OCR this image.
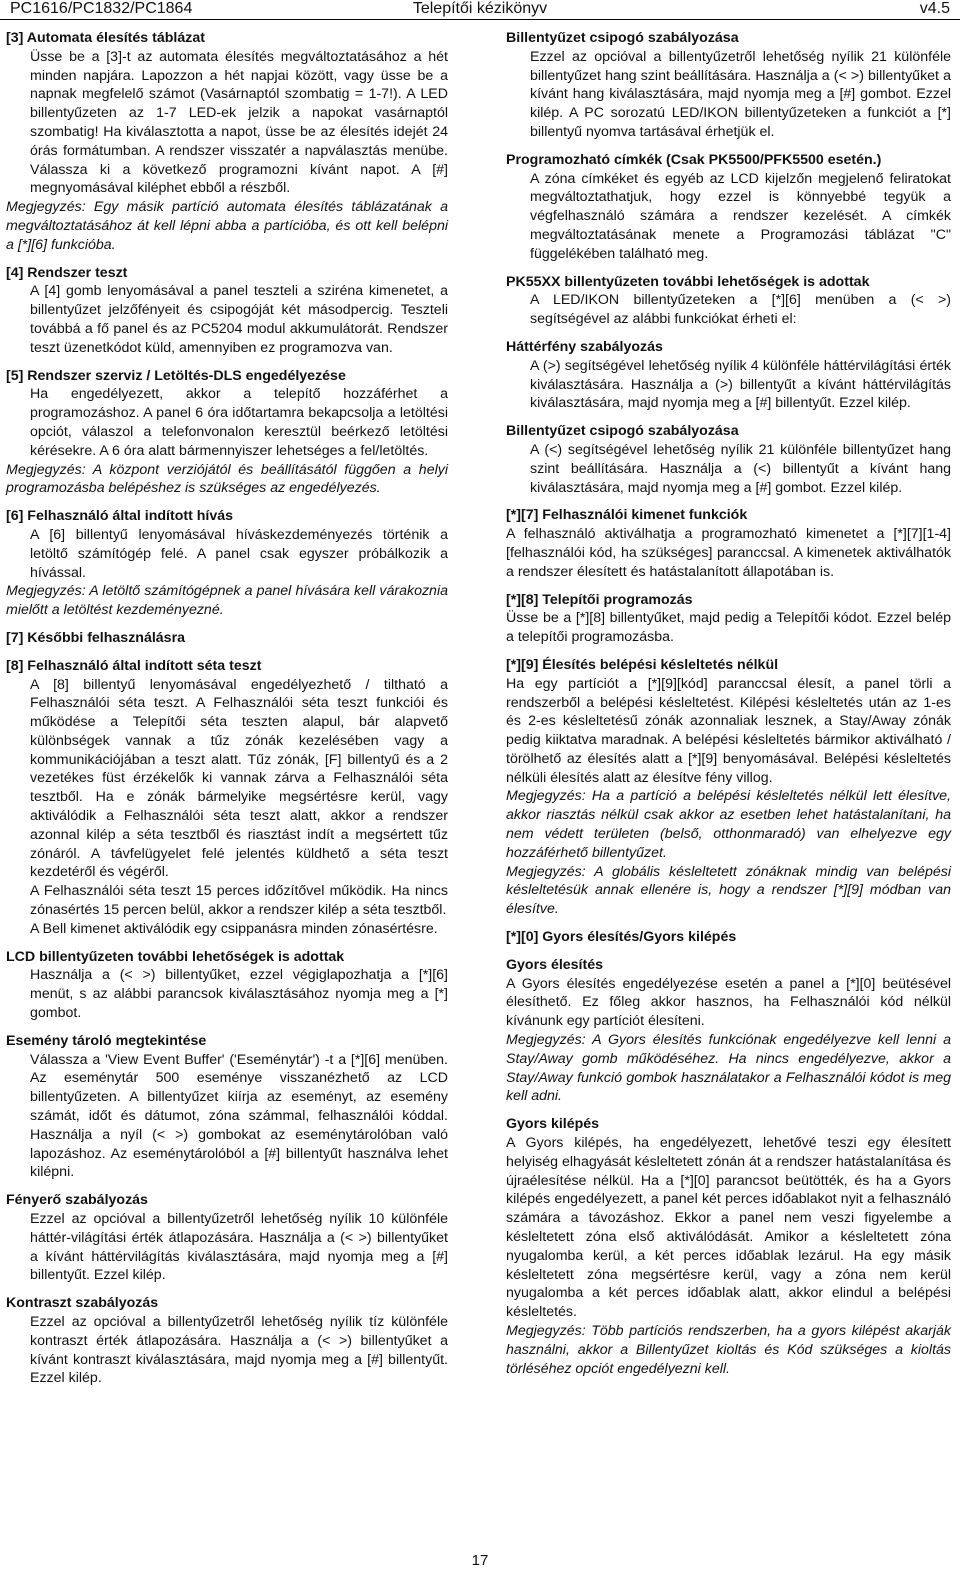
PC1616/PC1832/PC1864	Telepítői kézikönyv	v4.5
[3] Automata élesítés táblázat

Üsse be a [3]-t az automata élesítés megváltoztatásához a hét minden napjára. Lapozzon a hét napjai között, vagy üsse be a napnak megfelelő számot (Vasárnaptól szombatig = 1-7!). A LED billentyűzeten az 1-7 LED-ek jelzik a napokat vasárnaptól szombatig! Ha kiválasztotta a napot, üsse be az élesítés idejét 24 órás formátumban. A rendszer visszatér a napválasztás menübe. Válassza ki a következő programozni kívánt napot. A [#] megnyomásával kiléphet ebből a részből.

Megjegyzés: Egy másik partíció automata élesítés táblázatának a megváltoztatásához át kell lépni abba a partícióba, és ott kell belépni a [*][6] funkcióba.

[4] Rendszer teszt

A [4] gomb lenyomásával a panel teszteli a sziréna kimenetet, a billentyűzet jelzőfényeit és csipogóját két másodpercig. Teszteli továbbá a fő panel és az PC5204 modul akkumulátorát. Rendszer teszt üzenetkódot küld, amennyiben ez programozva van.

[5] Rendszer szerviz / Letöltés-DLS engedélyezése

Ha engedélyezett, akkor a telepítő hozzáférhet a programozáshoz. A panel 6 óra időtartamra bekapcsolja a letöltési opciót, válaszol a telefonvonalon keresztül beérkező letöltési kérésekre. A 6 óra alatt bármennyiszer lehetséges a fel/letöltés.

Megjegyzés: A központ verziójától és beállításától függően a helyi programozásba belépéshez is szükséges az engedélyezés.

[6] Felhasználó által indított hívás

A [6] billentyű lenyomásával híváskezdeményezés történik a letöltő számítógép felé. A panel csak egyszer próbálkozik a hívással.

Megjegyzés: A letöltő számítógépnek a panel hívására kell várakoznia mielőtt a letöltést kezdeményezné.

[7] Későbbi felhasználásra
[8] Felhasználó által indított séta teszt

A [8] billentyű lenyomásával engedélyezhető / tiltható a Felhasználói séta teszt. A Felhasználói séta teszt funkciói és működése a Telepítői séta teszten alapul, bár alapvető különbségek vannak a tűz zónák kezelésében vagy a kommunikációjában a teszt alatt. Tűz zónák, [F] billentyű és a 2 vezetékes füst érzékelők ki vannak zárva a Felhasználói séta tesztből. Ha e zónák bármelyike megsértésre kerül, vagy aktiválódik a Felhasználói séta teszt alatt, akkor a rendszer azonnal kilép a séta tesztből és riasztást indít a megsértett tűz zónáról. A távfelügyelet felé jelentés küldhető a séta teszt kezdetéről és végéről.

A Felhasználói séta teszt 15 perces időzítővel működik. Ha nincs zónasértés 15 percen belül, akkor a rendszer kilép a séta tesztből.

A Bell kimenet aktiválódik egy csippanásra minden zónasértésre.

LCD billentyűzeten további lehetőségek is adottak

Használja a (< >) billentyűket, ezzel végiglapozhatja a [*][6] menüt, s az alábbi parancsok kiválasztásához nyomja meg a [*] gombot.

Esemény tároló megtekintése

Válassza a 'View Event Buffer' ('Eseménytár') -t a [*][6] menüben. Az eseménytár 500 eseménye visszanézhető az LCD billentyűzeten. A billentyűzet kiírja az eseményt, az esemény számát, időt és dátumot, zóna számmal, felhasználói kóddal. Használja a nyíl (< >) gombokat az eseménytárolóban való lapozáshoz. Az eseménytárolóból a [#] billentyűt használva lehet kilépni.

Fényerő szabályozás

Ezzel az opcióval a billentyűzetről lehetőség nyílik 10 különféle háttér-világítási érték átlapozására. Használja a (< >) billentyűket a kívánt háttérvilágítás kiválasztására, majd nyomja meg a [#] billentyűt. Ezzel kilép.

Kontraszt szabályozás

Ezzel az opcióval a billentyűzetről lehetőség nyílik tíz különféle kontraszt érték átlapozására. Használja a (< >) billentyűket a kívánt kontraszt kiválasztására, majd nyomja meg a [#] billentyűt. Ezzel kilép.

Billentyűzet csipogó szabályozása

Ezzel az opcióval a billentyűzetről lehetőség nyílik 21 különféle billentyűzet hang szint beállítására. Használja a (< >) billentyűket a kívánt hang kiválasztására, majd nyomja meg a [#] gombot. Ezzel kilép. A PC sorozatú LED/IKON billentyűzeteken a funkciót a [*] billentyű nyomva tartásával érhetjük el.

Programozható címkék (Csak PK5500/PFK5500 esetén.)

A zóna címkéket és egyéb az LCD kijelzőn megjelenő feliratokat megváltoztathatjuk, hogy ezzel is könnyebbé tegyük a végfelhasználó számára a rendszer kezelését. A címkék megváltoztatásának menete a Programozási táblázat "C" függelékében található meg.

PK55XX billentyűzeten további lehetőségek is adottak

A LED/IKON billentyűzeteken a [*][6] menüben a (< >) segítségével az alábbi funkciókat érheti el:

Háttérfény szabályozás

A (>) segítségével lehetőség nyílik 4 különféle háttérvilágítási érték kiválasztására. Használja a (>) billentyűt a kívánt háttérvilágítás kiválasztására, majd nyomja meg a [#] billentyűt. Ezzel kilép.

Billentyűzet csipogó szabályozása

A (<) segítségével lehetőség nyílik 21 különféle billentyűzet hang szint beállítására. Használja a (<) billentyűt a kívánt hang kiválasztására, majd nyomja meg a [#] gombot. Ezzel kilép.

[*][7] Felhasználói kimenet funkciók

A felhasználó aktiválhatja a programozható kimenetet a [*][7][1-4][felhasználói kód, ha szükséges] paranccsal. A kimenetek aktiválhatók a rendszer élesített és hatástalanított állapotában is.

[*][8] Telepítői programozás

Üsse be a [*][8] billentyűket, majd pedig a Telepítői kódot. Ezzel belép a telepítői programozásba.

[*][9] Élesítés belépési késleltetés nélkül

Ha egy partíciót a [*][9][kód] paranccsal élesít, a panel törli a rendszerből a belépési késleltetést. Kilépési késleltetés után az 1-es és 2-es késleltetésű zónák azonnaliak lesznek, a Stay/Away zónák pedig kiiktatva maradnak. A belépési késleltetés bármikor aktiválható / törölhető az élesítés alatt a [*][9] benyomásával. Belépési késleltetés nélküli élesítés alatt az élesítve fény villog.

Megjegyzés: Ha a partíció a belépési késleltetés nélkül lett élesítve, akkor riasztás nélkül csak akkor az esetben lehet hatástalanítani, ha nem védett területen (belső, otthonmaradó) van elhelyezve egy hozzáférhető billentyűzet.

Megjegyzés: A globális késleltetett zónáknak mindig van belépési késleltetésük annak ellenére is, hogy a rendszer [*][9] módban van élesítve.

[*][0] Gyors élesítés/Gyors kilépés
Gyors élesítés

A Gyors élesítés engedélyezése esetén a panel a [*][0] beütésével élesíthető. Ez főleg akkor hasznos, ha Felhasználói kód nélkül kívánunk egy partíciót élesíteni.

Megjegyzés: A Gyors élesítés funkciónak engedélyezve kell lenni a Stay/Away gomb működéséhez. Ha nincs engedélyezve, akkor a Stay/Away funkció gombok használatakor a Felhasználói kódot is meg kell adni.

Gyors kilépés

A Gyors kilépés, ha engedélyezett, lehetővé teszi egy élesített helyiség elhagyását késleltetett zónán át a rendszer hatástalanítása és újraélesítése nélkül. Ha a [*][0] parancsot beütötték, és ha a Gyors kilépés engedélyezett, a panel két perces időablakot nyit a felhasználó számára a távozáshoz. Ekkor a panel nem veszi figyelembe a késleltetett zóna első aktiválódását. Amikor a késleltetett zóna nyugalomba kerül, a két perces időablak lezárul. Ha egy másik késleltetett zóna megsértésre kerül, vagy a zóna nem kerül nyugalomba a két perces időablak alatt, akkor elindul a belépési késleltetés.

Megjegyzés: Több partíciós rendszerben, ha a gyors kilépést akarják használni, akkor a Billentyűzet kioltás és Kód szükséges a kioltás törléséhez opciót engedélyezni kell.

17
